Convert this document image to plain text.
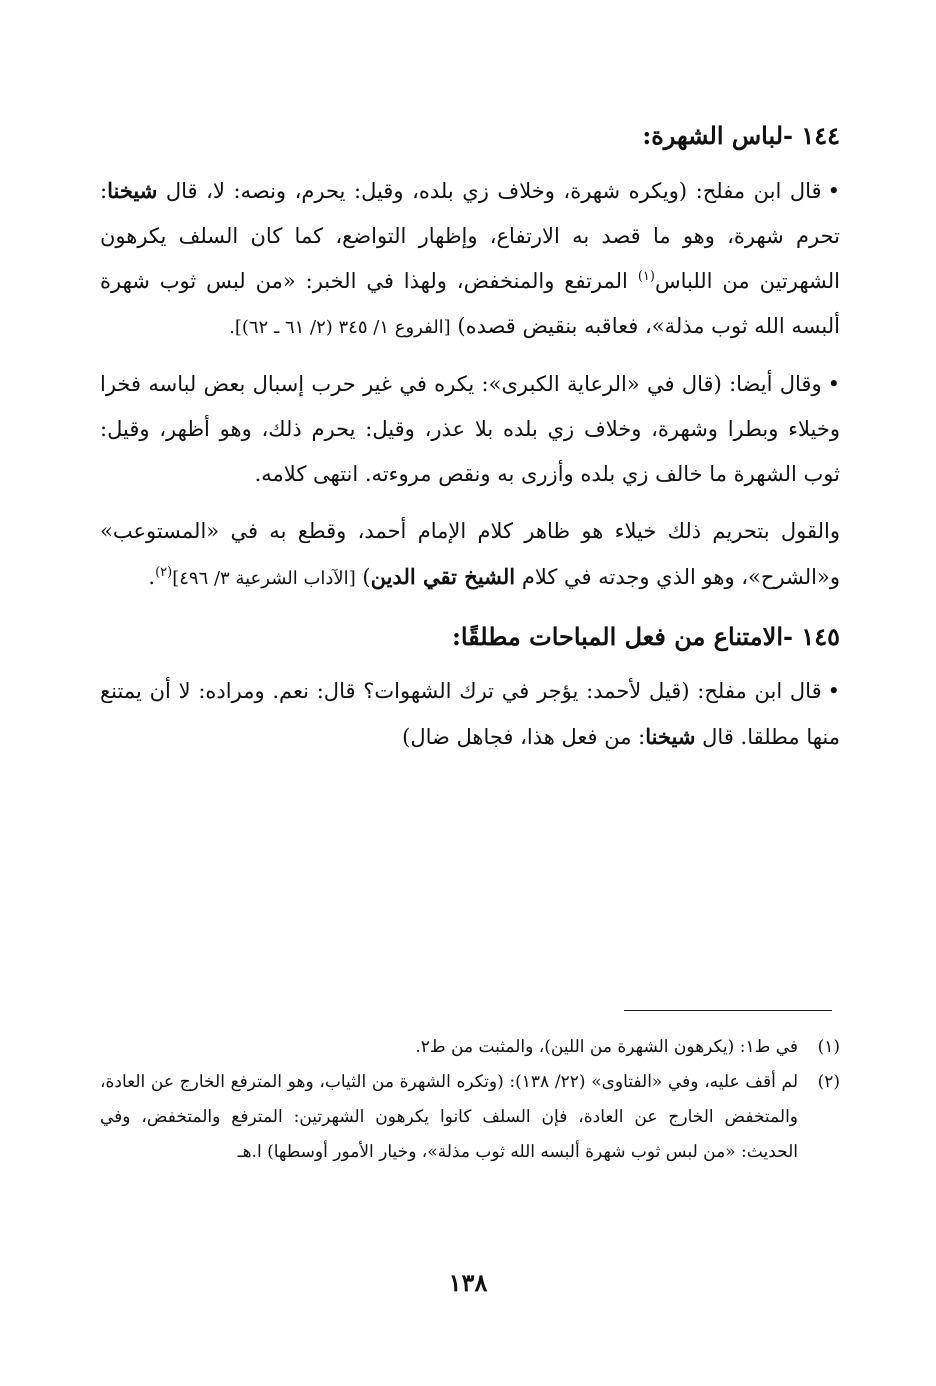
١٤٤ -لباس الشهرة:

•قال ابن مفلح: (ويكره شهرة، وخلاف زي بلده، وقيل: يحرم، ونصه: لا، قال شيخنا: تحرم شهرة، وهو ما قصد به الارتفاع، وإظهار التواضع، كما كان السلف يكرهون الشهرتين من اللباس$^{(١)}$ المرتفع والمنخفض، ولهذا في الخبر: «من لبس ثوب شهرة ألبسه الله ثوب مذلة»، فعاقبه بنقيض قصده) [الفروع ١/ ٣٤٥ (٢/ ٦١ ـ ٦٢)].

•وقال أيضا: (قال في «الرعاية الكبرى»: يكره في غير حرب إسبال بعض لباسه فخرا وخيلاء وبطرا وشهرة، وخلاف زي بلده بلا عذر، وقيل: يحرم ذلك، وهو أظهر، وقيل: ثوب الشهرة ما خالف زي بلده وأزرى به ونقص مروءته. انتهى كلامه.

والقول بتحريم ذلك خيلاء هو ظاهر كلام الإمام أحمد، وقطع به في «المستوعب» و«الشرح»، وهو الذي وجدته في كلام الشيخ تقي الدين) [الآداب الشرعية ٣/ ٤٩٦]$^{(٢)}$.

١٤٥ -الامتناع من فعل المباحات مطلقًا:

•قال ابن مفلح: (قيل لأحمد: يؤجر في ترك الشهوات؟ قال: نعم. ومراده: لا أن يمتنع منها مطلقا. قال شيخنا: من فعل هذا، فجاهل ضال)

(١)
في ط١: (يكرهون الشهرة من اللين)، والمثبت من ط٢.
(٢)
لم أقف عليه، وفي «الفتاوى» (٢٢/ ١٣٨): (وتكره الشهرة من الثياب، وهو المترفع الخارج عن العادة، والمتخفض الخارج عن العادة، فإن السلف كانوا يكرهون الشهرتين: المترفع والمتخفض، وفي الحديث: «من لبس ثوب شهرة ألبسه الله ثوب مذلة»، وخيار الأمور أوسطها) ا.هـ
١٣٨
